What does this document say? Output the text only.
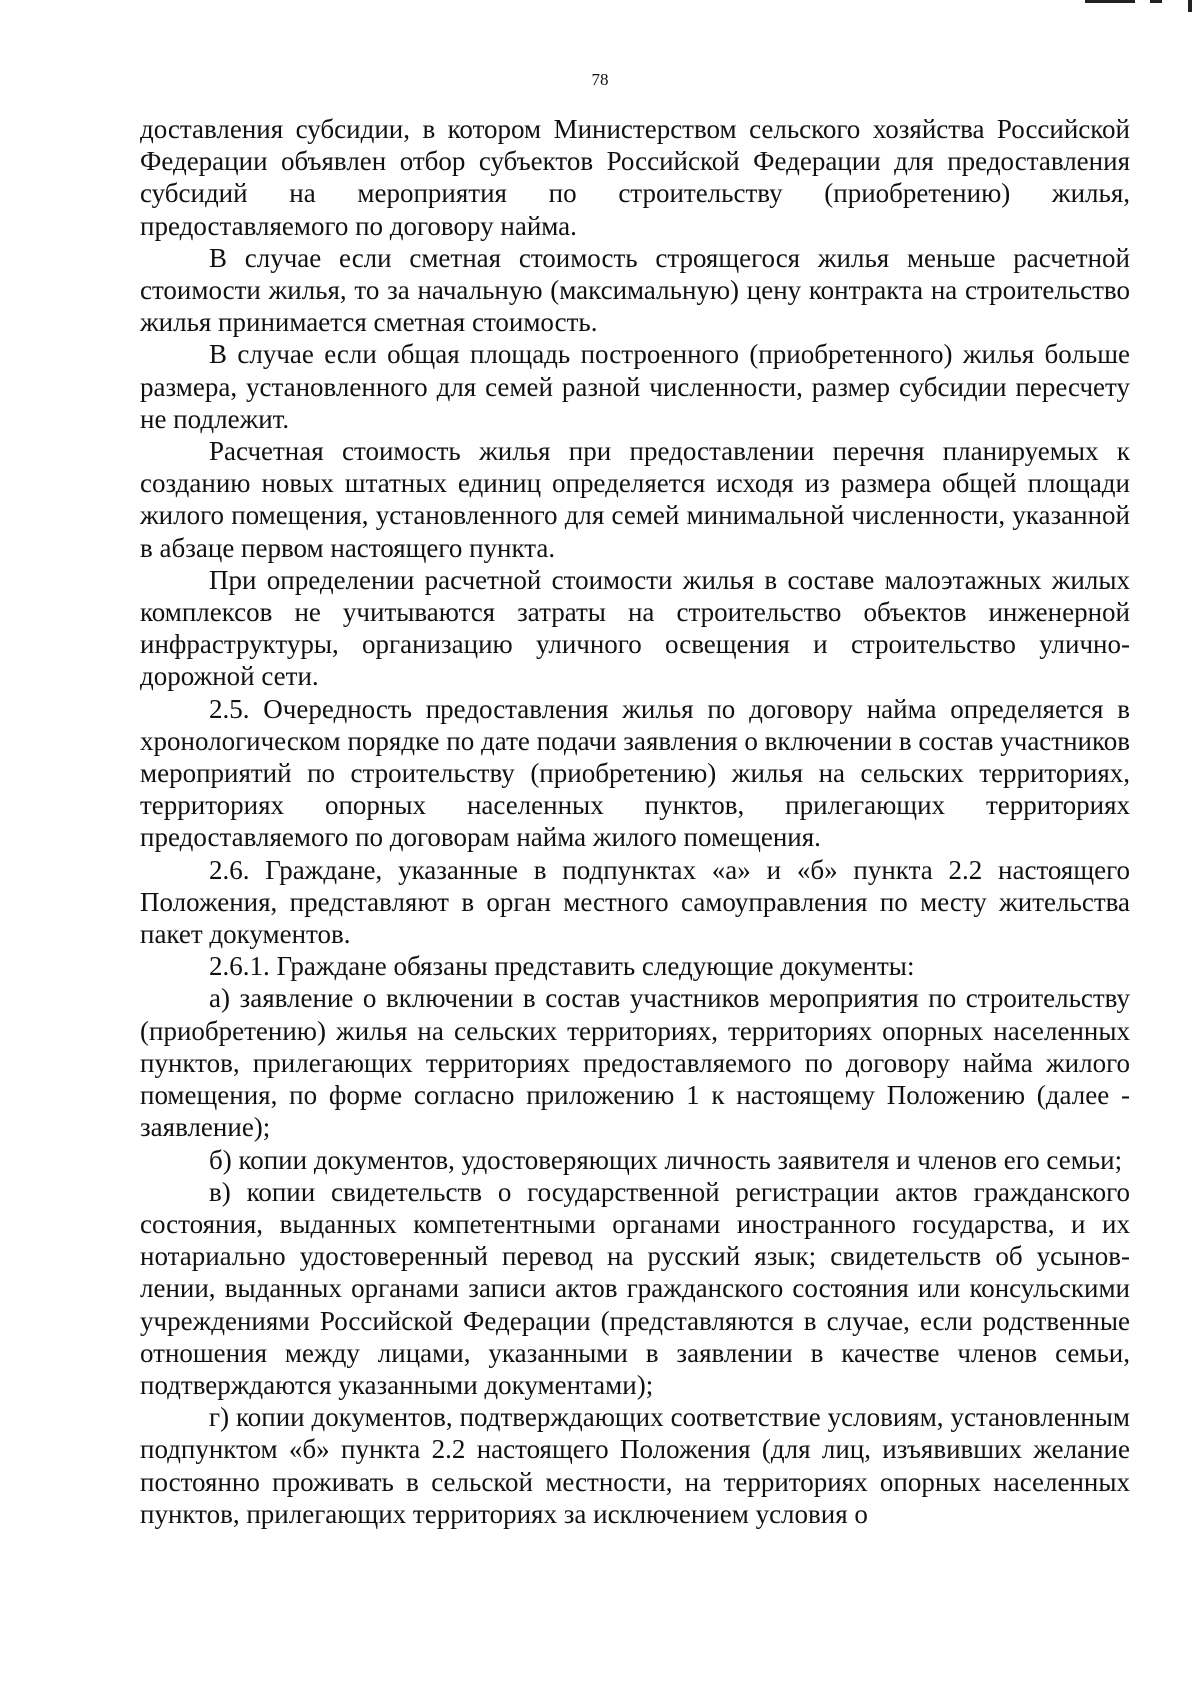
78

доставления субсидии, в котором Министерством сельского хозяйства Российской Федерации объявлен отбор субъектов Российской Федерации для предоставления субсидий на мероприятия по строительству (приобретению) жилья, предоставляемого по договору найма.

В случае если сметная стоимость строящегося жилья меньше расчетной стоимости жилья, то за начальную (максимальную) цену контракта на строительство жилья принимается сметная стоимость.

В случае если общая площадь построенного (приобретенного) жилья больше размера, установленного для семей разной численности, размер субсидии пересчету не подлежит.

Расчетная стоимость жилья при предоставлении перечня планируемых к созданию новых штатных единиц определяется исходя из размера общей площади жилого помещения, установленного для семей минимальной численности, указанной в абзаце первом настоящего пункта.

При определении расчетной стоимости жилья в составе малоэтажных жилых комплексов не учитываются затраты на строительство объектов инженерной инфраструктуры, организацию уличного освещения и строительство улично-дорожной сети.

2.5. Очередность предоставления жилья по договору найма определяется в хронологическом порядке по дате подачи заявления о включении в состав участников мероприятий по строительству (приобретению) жилья на сельских территориях, территориях опорных населенных пунктов, прилегающих территориях предоставляемого по договорам найма жилого помещения.

2.6. Граждане, указанные в подпунктах «а» и «б» пункта 2.2 настоящего Положения, представляют в орган местного самоуправления по месту жительства пакет документов.

2.6.1. Граждане обязаны представить следующие документы:

а) заявление о включении в состав участников мероприятия по строительству (приобретению) жилья на сельских территориях, территориях опорных населенных пунктов, прилегающих территориях предоставляемого по договору найма жилого помещения, по форме согласно приложению 1 к настоящему Положению (далее - заявление);

б) копии документов, удостоверяющих личность заявителя и членов его семьи;

в) копии свидетельств о государственной регистрации актов гражданского состояния, выданных компетентными органами иностранного государства, и их нотариально удостоверенный перевод на русский язык; свидетельств об усыновлении, выданных органами записи актов гражданского состояния или консульскими учреждениями Российской Федерации (представляются в случае, если родственные отношения между лицами, указанными в заявлении в качестве членов семьи, подтверждаются указанными документами);

г) копии документов, подтверждающих соответствие условиям, установленным подпунктом «б» пункта 2.2 настоящего Положения (для лиц, изъявивших желание постоянно проживать в сельской местности, на территориях опорных населенных пунктов, прилегающих территориях за исключением условия о
